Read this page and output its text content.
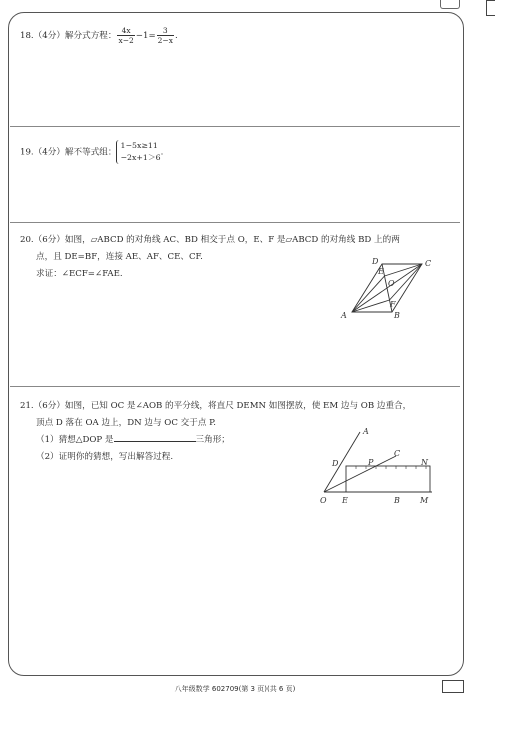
18.（4分）解分式方程： $\frac{4x}{x-2} -1= \frac{3}{2-x}$ .
19.（4分）解不等式组：
1−5x≥11
−2x+1＞6 .
20.（6分）如图，▱ABCD 的对角线 AC、BD 相交于点 O，E、F 是▱ABCD 的对角线 BD 上的两
点，且 DE=BF，连接 AE、AF、CE、CF.
求证：∠ECF=∠FAE.
D
E
C
O
F
A	B
21.（6分）如图，已知 OC 是∠AOB 的平分线，将直尺 DEMN 如图摆放，使 EM 边与 OB 边重合，
顶点 D 落在 OA 边上，DN 边与 OC 交于点 P.
（1）猜想△DOP 是	三角形；
（2）证明你的猜想，写出解答过程.
A
C
D	P	N
O E	B	M
八年级数学 602709(第 3 页)(共 6 页)
